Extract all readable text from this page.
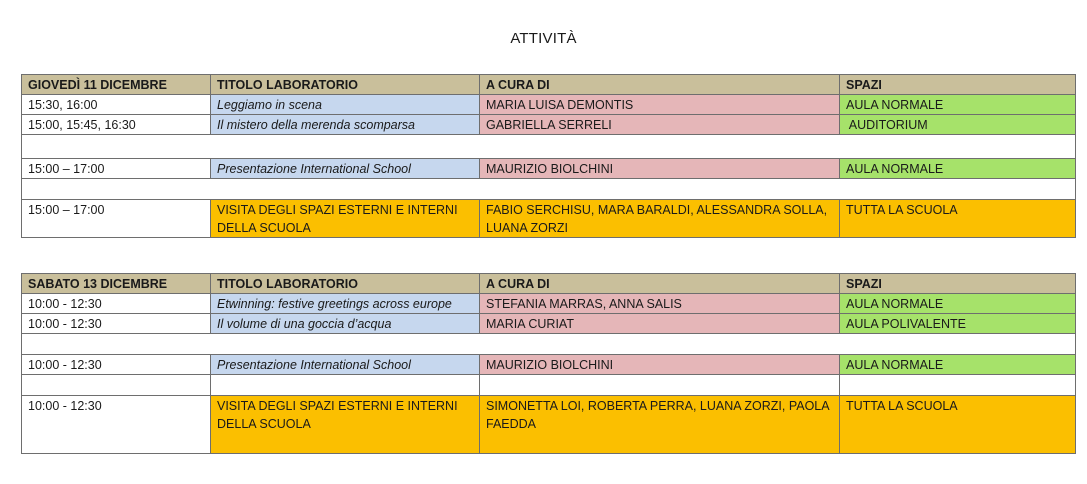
ATTIVITÀ
GIOVEDÌ 11 DICEMBRE	TITOLO LABORATORIO	A CURA DI	SPAZI
15:30, 16:00	Leggiamo in scena	MARIA LUISA DEMONTIS	AULA NORMALE
15:00, 15:45, 16:30	Il mistero della merenda scomparsa	GABRIELLA SERRELI	AUDITORIUM

15:00 – 17:00	Presentazione International School	MAURIZIO BIOLCHINI	AULA NORMALE

15:00 – 17:00	VISITA DEGLI SPAZI ESTERNI E INTERNI DELLA SCUOLA	FABIO SERCHISU, MARA BARALDI, ALESSANDRA SOLLA, LUANA ZORZI	TUTTA LA SCUOLA
SABATO 13 DICEMBRE	TITOLO LABORATORIO	A CURA DI	SPAZI
10:00 - 12:30	Etwinning: festive greetings across europe	STEFANIA MARRAS, ANNA SALIS	AULA NORMALE
10:00 - 12:30	Il volume di una goccia d’acqua	MARIA CURIAT	AULA POLIVALENTE

10:00 - 12:30	Presentazione International School	MAURIZIO BIOLCHINI	AULA NORMALE

10:00 - 12:30	VISITA DEGLI SPAZI ESTERNI E INTERNI DELLA SCUOLA	SIMONETTA LOI, ROBERTA PERRA, LUANA ZORZI, PAOLA FAEDDA	TUTTA LA SCUOLA
